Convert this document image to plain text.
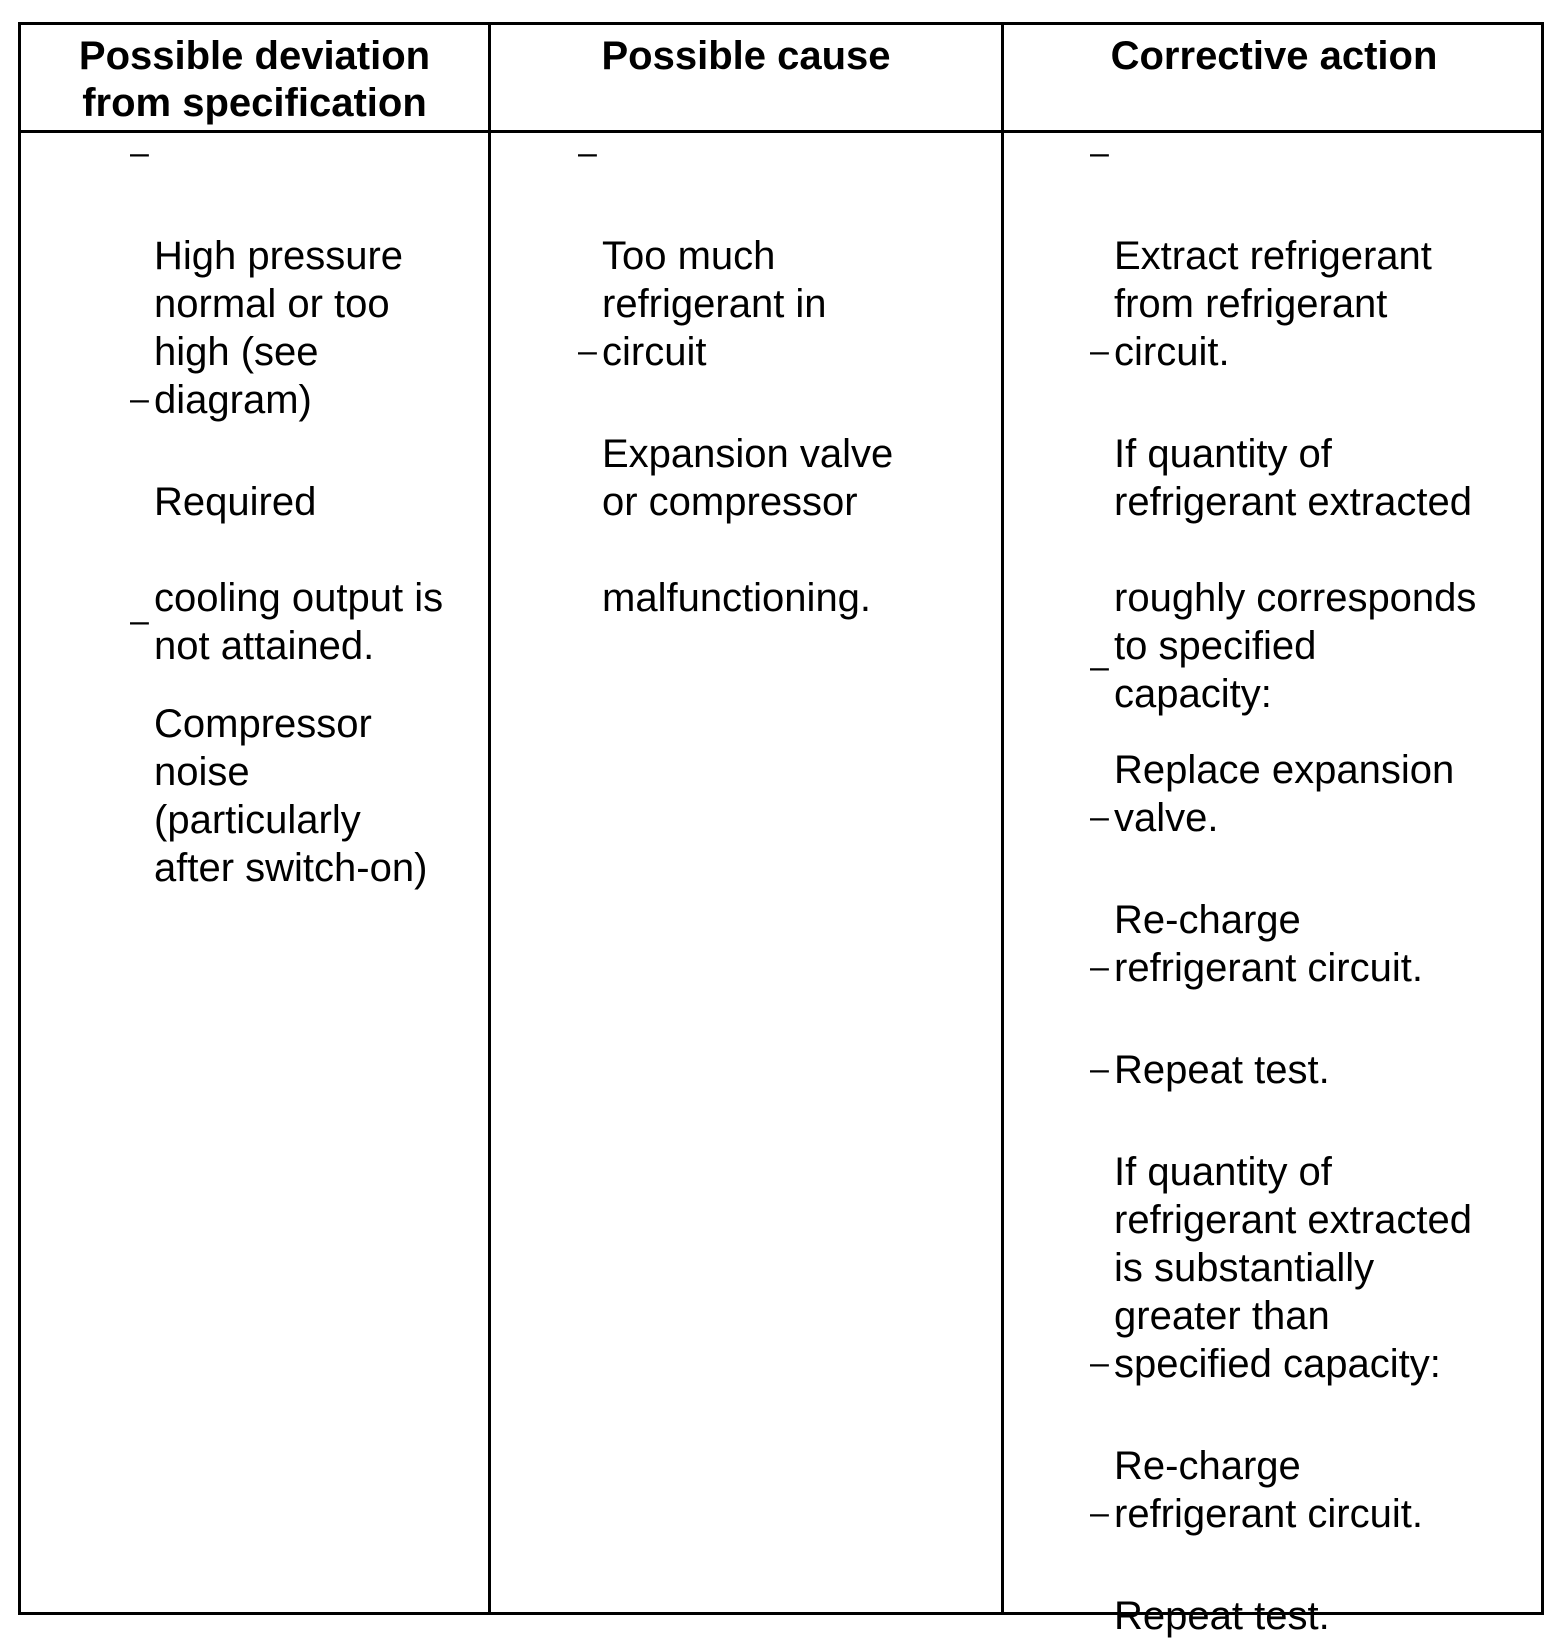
Possible deviation
from specification
Possible cause	Corrective action

–

High pressure
normal or too
high (see
diagram)

–

Required

cooling output is
not attained.

–

Compressor
noise
(particularly
after switch-on)

–

Too much
refrigerant in
circuit

–

Expansion valve
or compressor

malfunctioning.

–

Extract refrigerant
from refrigerant
circuit.

–

If quantity of
refrigerant extracted

roughly corresponds
to specified
capacity:

–

Replace expansion
valve.

–

Re-charge
refrigerant circuit.

–

Repeat test.

–

If quantity of
refrigerant extracted
is substantially
greater than
specified capacity:

–

Re-charge
refrigerant circuit.

–

Repeat test.
